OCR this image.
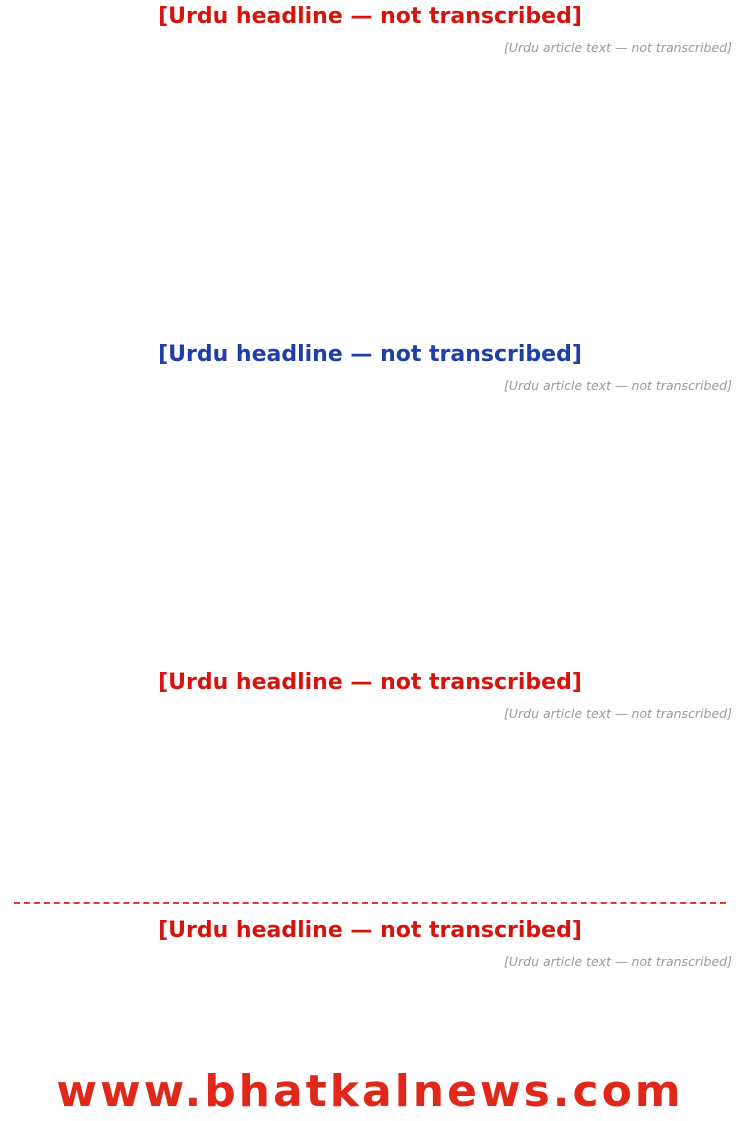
[Urdu headline — not transcribed]
[Urdu article text — not transcribed]
[Urdu headline — not transcribed]
[Urdu article text — not transcribed]
[Urdu headline — not transcribed]
[Urdu article text — not transcribed]
[Urdu headline — not transcribed]
[Urdu article text — not transcribed]
www.bhatkalnews.com
